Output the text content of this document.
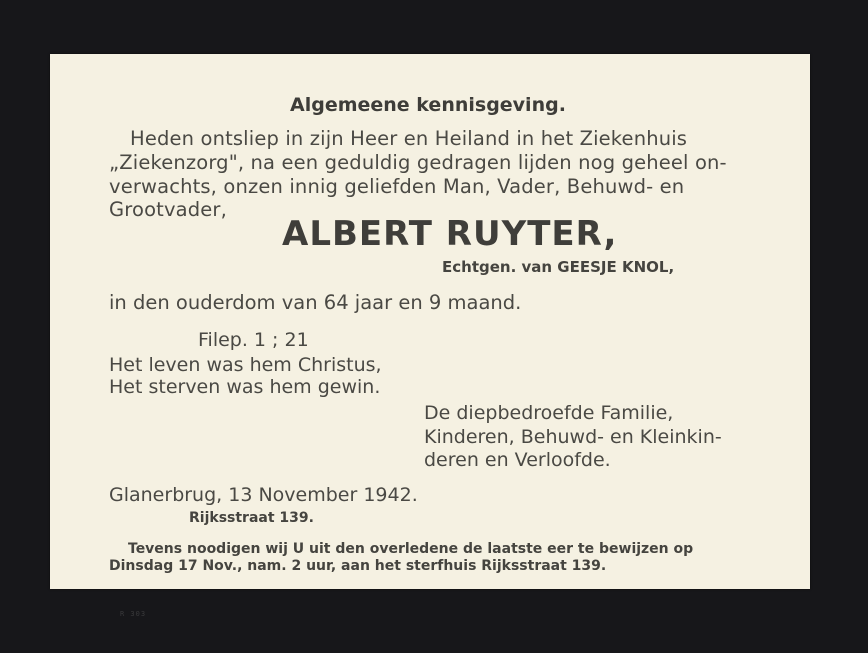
Algemeene kennisgeving.
Heden ontsliep in zijn Heer en Heiland in het Ziekenhuis
„Ziekenzorg", na een geduldig gedragen lijden nog geheel on-
verwachts, onzen innig geliefden Man, Vader, Behuwd- en
Grootvader,
ALBERT RUYTER,
Echtgen. van GEESJE KNOL,
in den ouderdom van 64 jaar en 9 maand.
Filep. 1 ; 21
Het leven was hem Christus,
Het sterven was hem gewin.
De diepbedroefde Familie,
Kinderen, Behuwd- en Kleinkin-
deren en Verloofde.
Glanerbrug, 13 November 1942.
Rijksstraat 139.
Tevens noodigen wij U uit den overledene de laatste eer te bewijzen op
Dinsdag 17 Nov., nam. 2 uur, aan het sterfhuis Rijksstraat 139.
R 303
